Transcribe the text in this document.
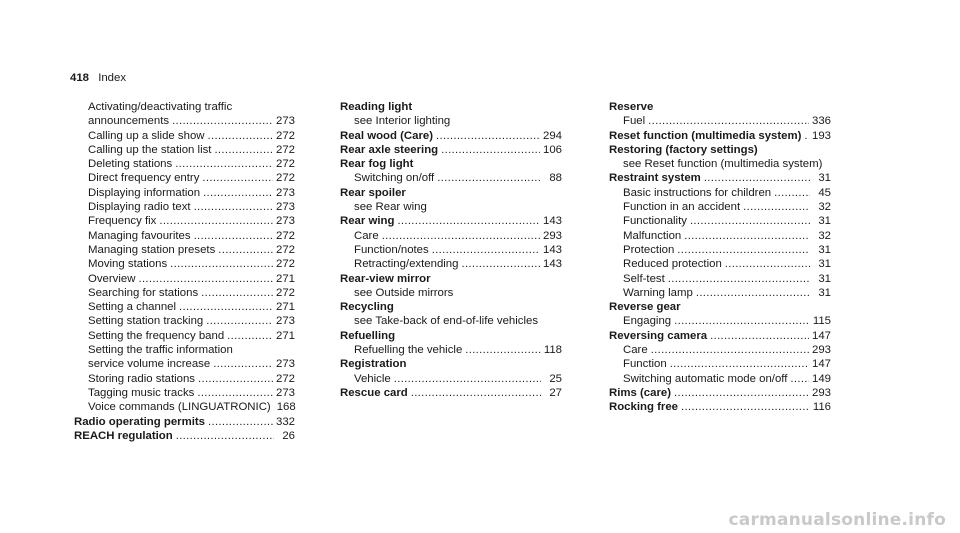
418 Index
Activating/deactivating traffic
announcements .....	273
Calling up a slide show .....	272
Calling up the station list .....	272
Deleting stations .....	272
Direct frequency entry .....	272
Displaying information .....	273
Displaying radio text .....	273
Frequency fix .....	273
Managing favourites .....	272
Managing station presets .....	272
Moving stations .....	272
Overview .....	271
Searching for stations .....	272
Setting a channel .....	271
Setting station tracking .....	273
Setting the frequency band .....	271
Setting the traffic information
service volume increase .....	273
Storing radio stations .....	272
Tagging music tracks .....	273
Voice commands (LINGUATRONIC) 168
Radio operating permits .....	332
REACH regulation .....	26
Reading light
see Interior lighting
Real wood (Care) .....	294
Rear axle steering .....	106
Rear fog light
Switching on/off .....	88
Rear spoiler
see Rear wing
Rear wing .....	143
Care .....	293
Function/notes .....	143
Retracting/extending .....	143
Rear-view mirror
see Outside mirrors
Recycling
see Take-back of end-of-life vehicles
Refuelling
Refuelling the vehicle .....	118
Registration
Vehicle .....	25
Rescue card .....	27
Reserve
Fuel .....	336
Reset function (multimedia system) ..... 193
Restoring (factory settings)
see Reset function (multimedia system)
Restraint system .....	31
Basic instructions for children .....	45
Function in an accident .....	32
Functionality .....	31
Malfunction .....	32
Protection .....	31
Reduced protection .....	31
Self-test .....	31
Warning lamp .....	31
Reverse gear
Engaging .....	115
Reversing camera .....	147
Care .....	293
Function .....	147
Switching automatic mode on/off ..... 149
Rims (care) .....	293
Rocking free .....	116
carmanualsonline.info
